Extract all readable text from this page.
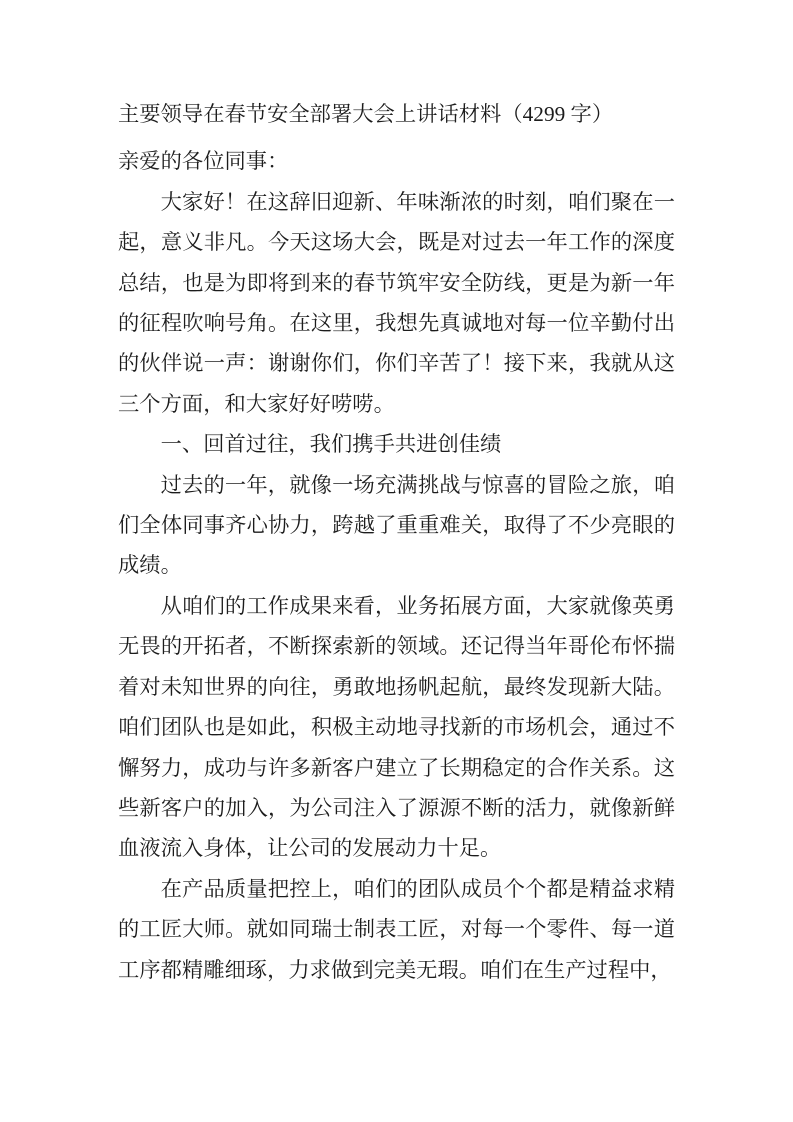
主要领导在春节安全部署大会上讲话材料（4299 字）

亲爱的各位同事：

大家好！在这辞旧迎新、年味渐浓的时刻，咱们聚在一起，意义非凡。今天这场大会，既是对过去一年工作的深度总结，也是为即将到来的春节筑牢安全防线，更是为新一年的征程吹响号角。在这里，我想先真诚地对每一位辛勤付出的伙伴说一声：谢谢你们，你们辛苦了！接下来，我就从这三个方面，和大家好好唠唠。

一、回首过往，我们携手共进创佳绩

过去的一年，就像一场充满挑战与惊喜的冒险之旅，咱们全体同事齐心协力，跨越了重重难关，取得了不少亮眼的成绩。

从咱们的工作成果来看，业务拓展方面，大家就像英勇无畏的开拓者，不断探索新的领域。还记得当年哥伦布怀揣着对未知世界的向往，勇敢地扬帆起航，最终发现新大陆。咱们团队也是如此，积极主动地寻找新的市场机会，通过不懈努力，成功与许多新客户建立了长期稳定的合作关系。这些新客户的加入，为公司注入了源源不断的活力，就像新鲜血液流入身体，让公司的发展动力十足。

在产品质量把控上，咱们的团队成员个个都是精益求精的工匠大师。就如同瑞士制表工匠，对每一个零件、每一道工序都精雕细琢，力求做到完美无瑕。咱们在生产过程中，
